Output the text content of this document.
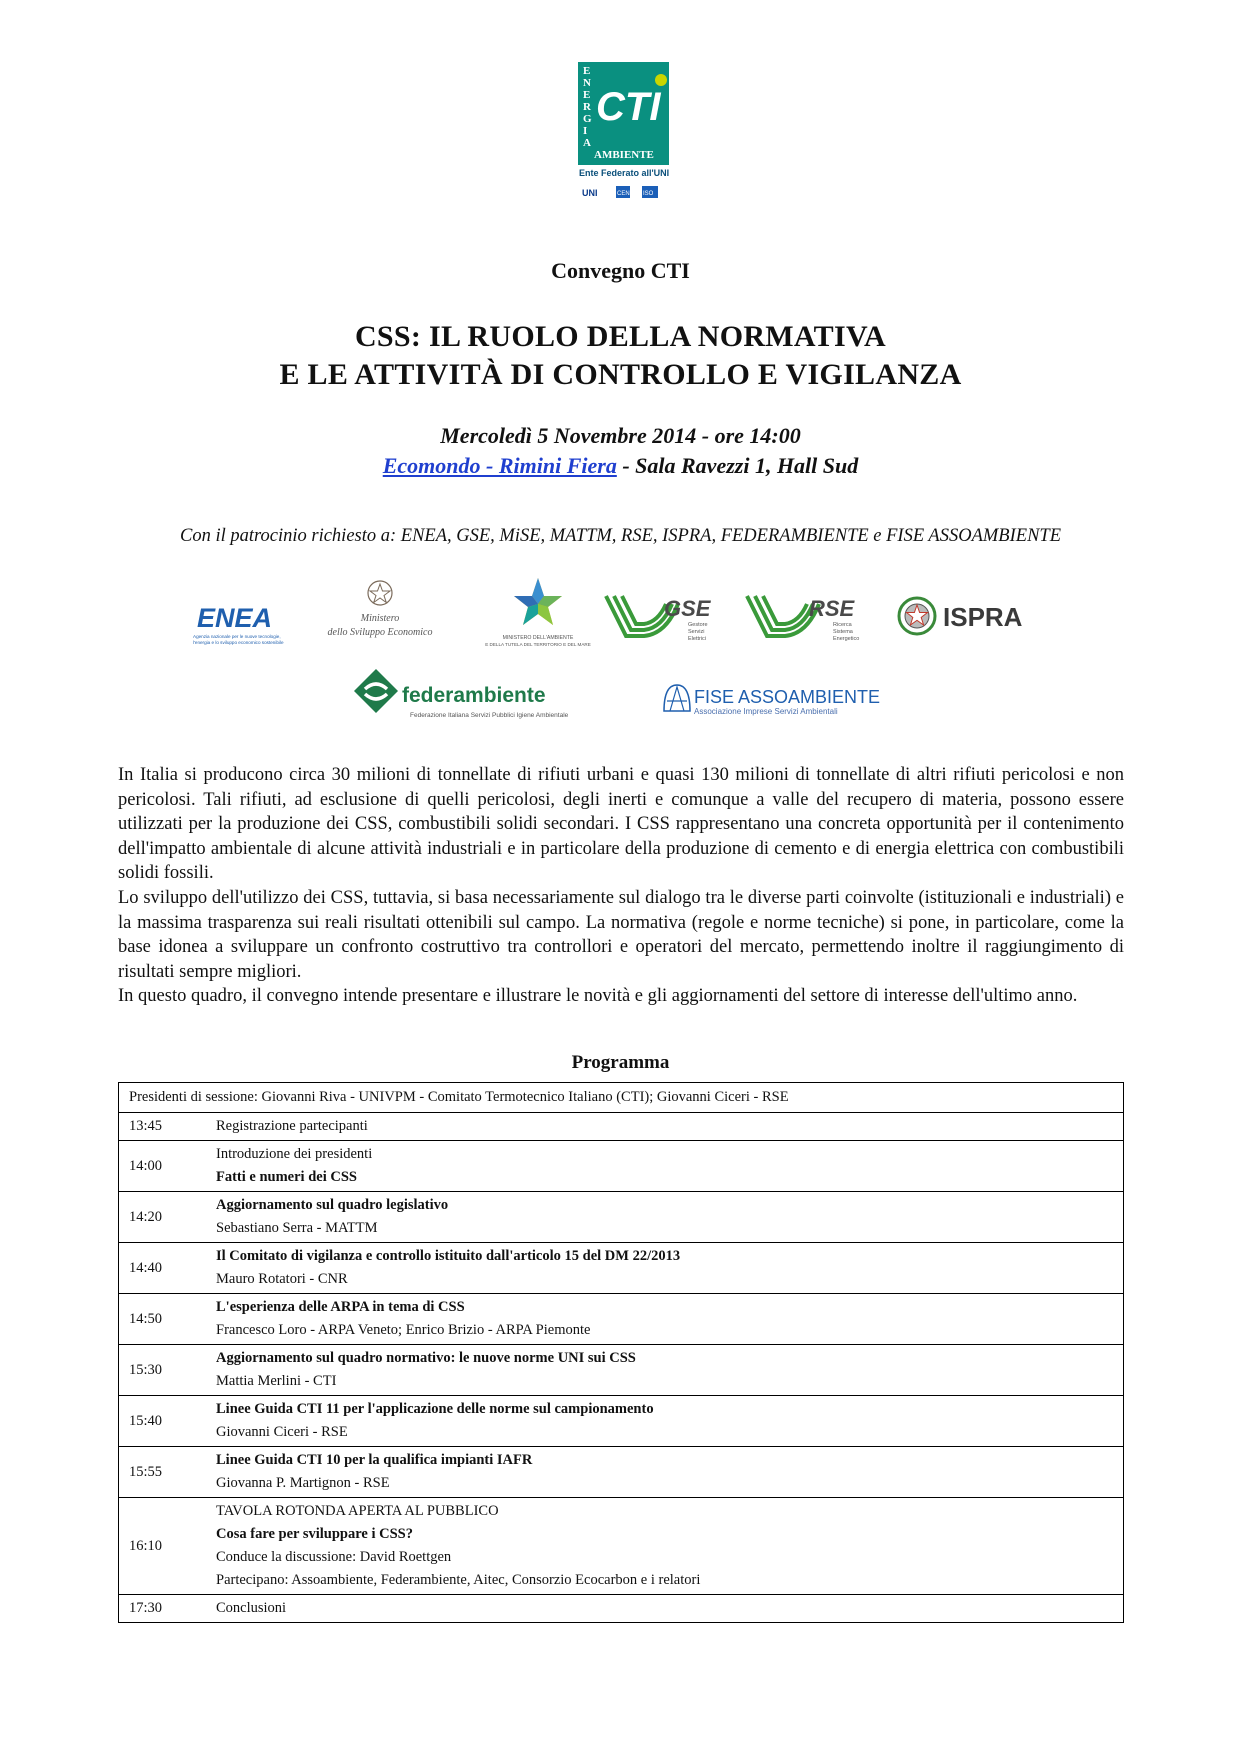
E
N
E
R
G
I
A
CTI
AMBIENTE
Ente Federato all'UNI
UNI	CEN ISO
Convegno CTI
CSS: IL RUOLO DELLA NORMATIVA
E LE ATTIVITÀ DI CONTROLLO E VIGILANZA
Mercoledì 5 Novembre 2014 - ore 14:00
Ecomondo - Rimini Fiera - Sala Ravezzi 1, Hall Sud
Con il patrocinio richiesto a: ENEA, GSE, MiSE, MATTM, RSE, ISPRA, FEDERAMBIENTE e FISE ASSOAMBIENTE
ENEA
Agenzia nazionale per le nuove tecnologie,
l'energia e lo sviluppo economico sostenibile
Ministero
dello Sviluppo Economico	MINISTERO DELL'AMBIENTE
E DELLA TUTELA DEL TERRITORIO E DEL MARE
GSE
Gestore
Servizi
Elettrici
RSE
Ricerca
Sistema
Energetico
ISPRA
federambiente
Federazione Italiana Servizi Pubblici Igiene Ambientale
FISE ASSOAMBIENTE
Associazione Imprese Servizi Ambientali

In Italia si producono circa 30 milioni di tonnellate di rifiuti urbani e quasi 130 milioni di tonnellate di altri rifiuti pericolosi e non pericolosi. Tali rifiuti, ad esclusione di quelli pericolosi, degli inerti e comunque a valle del recupero di materia, possono essere utilizzati per la produzione dei CSS, combustibili solidi secondari. I CSS rappresentano una concreta opportunità per il contenimento dell'impatto ambientale di alcune attività industriali e in particolare della produzione di cemento e di energia elettrica con combustibili solidi fossili.

Lo sviluppo dell'utilizzo dei CSS, tuttavia, si basa necessariamente sul dialogo tra le diverse parti coinvolte (istituzionali e industriali) e la massima trasparenza sui reali risultati ottenibili sul campo. La normativa (regole e norme tecniche) si pone, in particolare, come la base idonea a sviluppare un confronto costruttivo tra controllori e operatori del mercato, permettendo inoltre il raggiungimento di risultati sempre migliori.

In questo quadro, il convegno intende presentare e illustrare le novità e gli aggiornamenti del settore di interesse dell'ultimo anno.

Programma
Presidenti di sessione: Giovanni Riva - UNIVPM - Comitato Termotecnico Italiano (CTI); Giovanni Ciceri - RSE	
13:45	Registrazione partecipanti

14:00	Introduzione dei presidenti
Fatti e numeri dei CSS

14:20	Aggiornamento sul quadro legislativo
Sebastiano Serra - MATTM

14:40	Il Comitato di vigilanza e controllo istituito dall'articolo 15 del DM 22/2013
Mauro Rotatori - CNR

14:50	L'esperienza delle ARPA in tema di CSS
Francesco Loro - ARPA Veneto; Enrico Brizio - ARPA Piemonte

15:30	Aggiornamento sul quadro normativo: le nuove norme UNI sui CSS
Mattia Merlini - CTI

15:40	Linee Guida CTI 11 per l'applicazione delle norme sul campionamento
Giovanni Ciceri - RSE

15:55	Linee Guida CTI 10 per la qualifica impianti IAFR
Giovanna P. Martignon - RSE

16:10	TAVOLA ROTONDA APERTA AL PUBBLICO
Cosa fare per sviluppare i CSS?
Conduce la discussione: David Roettgen
Partecipano: Assoambiente, Federambiente, Aitec, Consorzio Ecocarbon e i relatori

17:30	Conclusioni
